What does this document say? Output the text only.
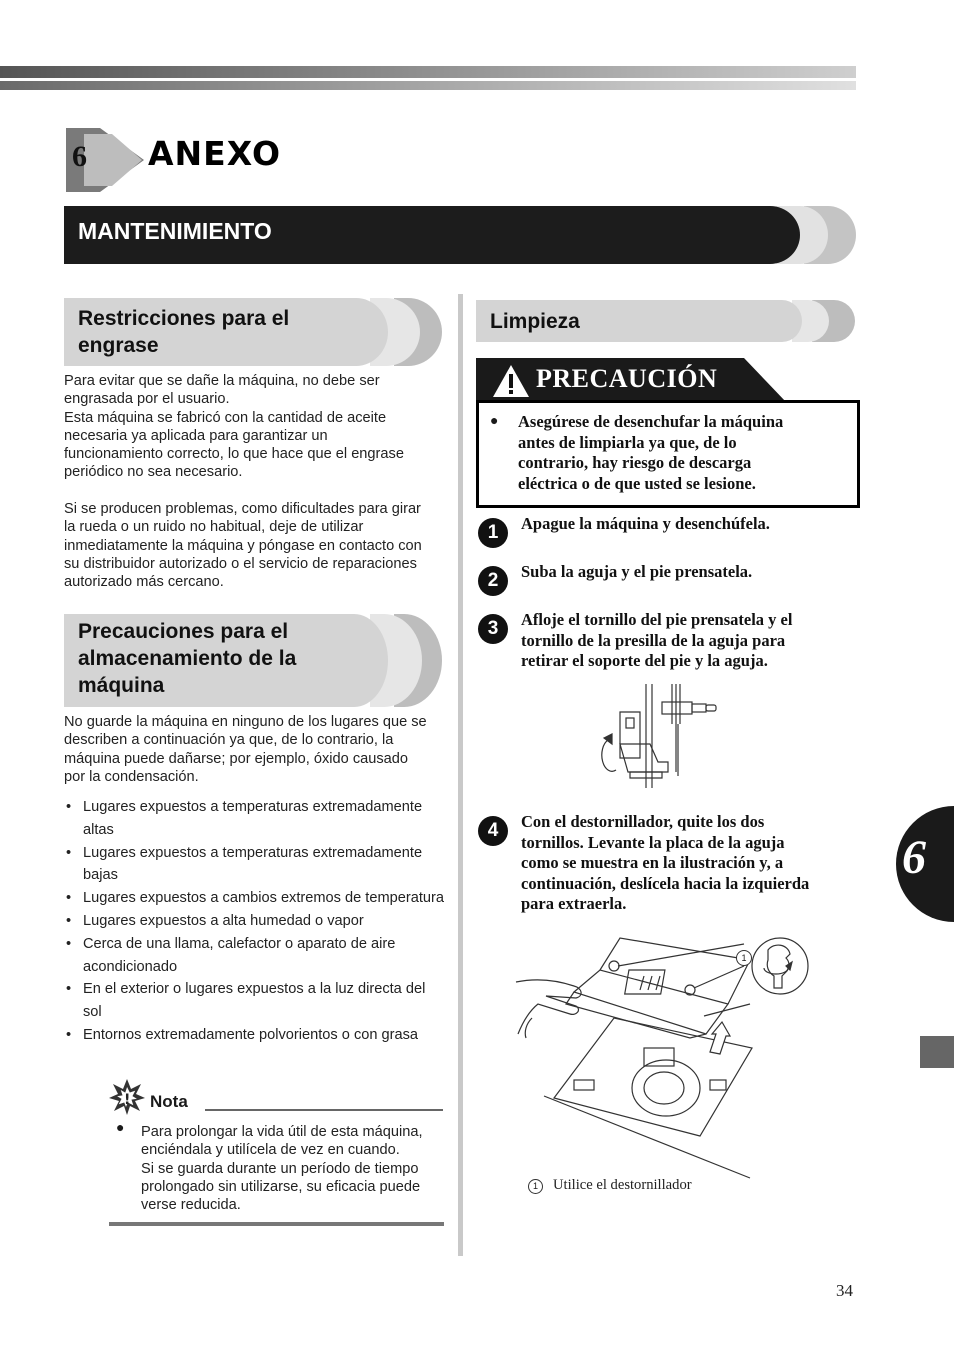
6 ANEXO
MANTENIMIENTO
Restricciones para el
engrase

Para evitar que se dañe la máquina, no debe ser

engrasada por el usuario.

Esta máquina se fabricó con la cantidad de aceite

necesaria ya aplicada para garantizar un

funcionamiento correcto, lo que hace que el engrase

periódico no sea necesario.

Si se producen problemas, como dificultades para girar

la rueda o un ruido no habitual, deje de utilizar

inmediatamente la máquina y póngase en contacto con

su distribuidor autorizado o el servicio de reparaciones

autorizado más cercano.

Precauciones para el
almacenamiento de la
máquina

No guarde la máquina en ninguno de los lugares que se

describen a continuación ya que, de lo contrario, la

máquina puede dañarse; por ejemplo, óxido causado

por la condensación.

• Lugares expuestos a temperaturas extremadamente altas
• Lugares expuestos a temperaturas extremadamente bajas
• Lugares expuestos a cambios extremos de temperatura
• Lugares expuestos a alta humedad o vapor
• Cerca de una llama, calefactor o aparato de aire acondicionado
• En el exterior o lugares expuestos a la luz directa del sol
• Entornos extremadamente polvorientos o con grasa
! Nota
● Para prolongar la vida útil de esta máquina,

enciéndala y utilícela de vez en cuando.

Si se guarda durante un período de tiempo

prolongado sin utilizarse, su eficacia puede

verse reducida.

Limpieza
PRECAUCIÓN
● Asegúrese de desenchufar la máquina
antes de limpiarla ya que, de lo
contrario, hay riesgo de descarga
eléctrica o de que usted se lesione.
1	Apague la máquina y desenchúfela.
2	Suba la aguja y el pie prensatela.
3	Afloje el tornillo del pie prensatela y el
tornillo de la presilla de la aguja para
retirar el soporte del pie y la aguja.
4	Con el destornillador, quite los dos
tornillos. Levante la placa de la aguja
como se muestra en la ilustración y, a
continuación, deslícela hacia la izquierda
para extraerla.
1
1	Utilice el destornillador
6
34
